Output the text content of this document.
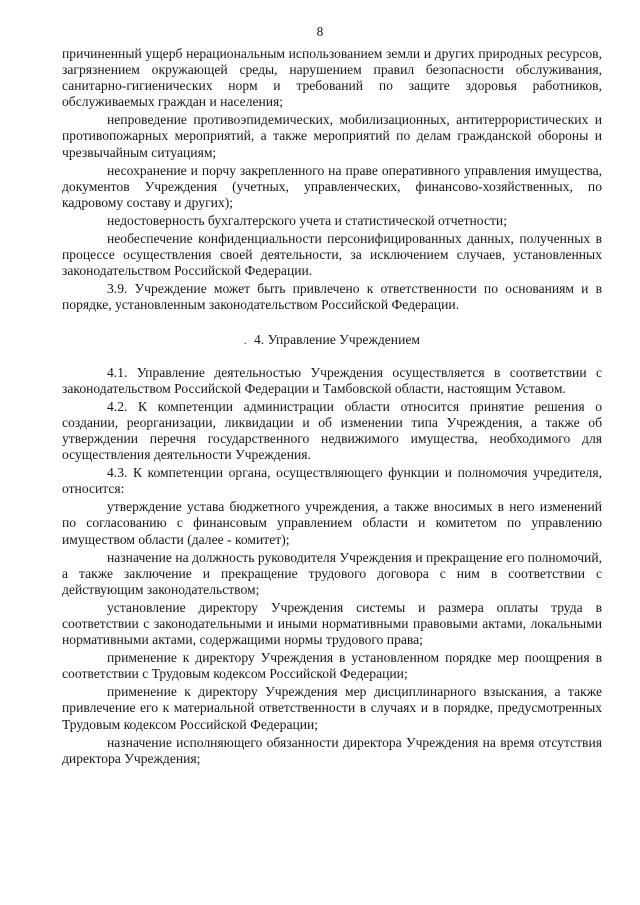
8

причиненный ущерб нерациональным использованием земли и других природных ресурсов, загрязнением окружающей среды, нарушением правил безопасности обслуживания, санитарно-гигиенических норм и требований по защите здоровья работников, обслуживаемых граждан и населения;

непроведение противоэпидемических, мобилизационных, антитеррористических и противопожарных мероприятий, а также мероприятий по делам гражданской обороны и чрезвычайным ситуациям;

несохранение и порчу закрепленного на праве оперативного управления имущества, документов Учреждения (учетных, управленческих, финансово-хозяйственных, по кадровому составу и других);

недостоверность бухгалтерского учета и статистической отчетности;

необеспечение конфиденциальности персонифицированных данных, полученных в процессе осуществления своей деятельности, за исключением случаев, установленных законодательством Российской Федерации.

3.9. Учреждение может быть привлечено к ответственности по основаниям и в порядке, установленным законодательством Российской Федерации.

. 4. Управление Учреждением

4.1. Управление деятельностью Учреждения осуществляется в соответствии с законодательством Российской Федерации и Тамбовской области, настоящим Уставом.

4.2. К компетенции администрации области относится принятие решения о создании, реорганизации, ликвидации и об изменении типа Учреждения, а также об утверждении перечня государственного недвижимого имущества, необходимого для осуществления деятельности Учреждения.

4.3. К компетенции органа, осуществляющего функции и полномочия учредителя, относится:

утверждение устава бюджетного учреждения, а также вносимых в него изменений по согласованию с финансовым управлением области и комитетом по управлению имуществом области (далее - комитет);

назначение на должность руководителя Учреждения и прекращение его полномочий, а также заключение и прекращение трудового договора с ним в соответствии с действующим законодательством;

установление директору Учреждения системы и размера оплаты труда в соответствии с законодательными и иными нормативными правовыми актами, локальными нормативными актами, содержащими нормы трудового права;

применение к директору Учреждения в установленном порядке мер поощрения в соответствии с Трудовым кодексом Российской Федерации;

применение к директору Учреждения мер дисциплинарного взыскания, а также привлечение его к материальной ответственности в случаях и в порядке, предусмотренных Трудовым кодексом Российской Федерации;

назначение исполняющего обязанности директора Учреждения на время отсутствия директора Учреждения;
